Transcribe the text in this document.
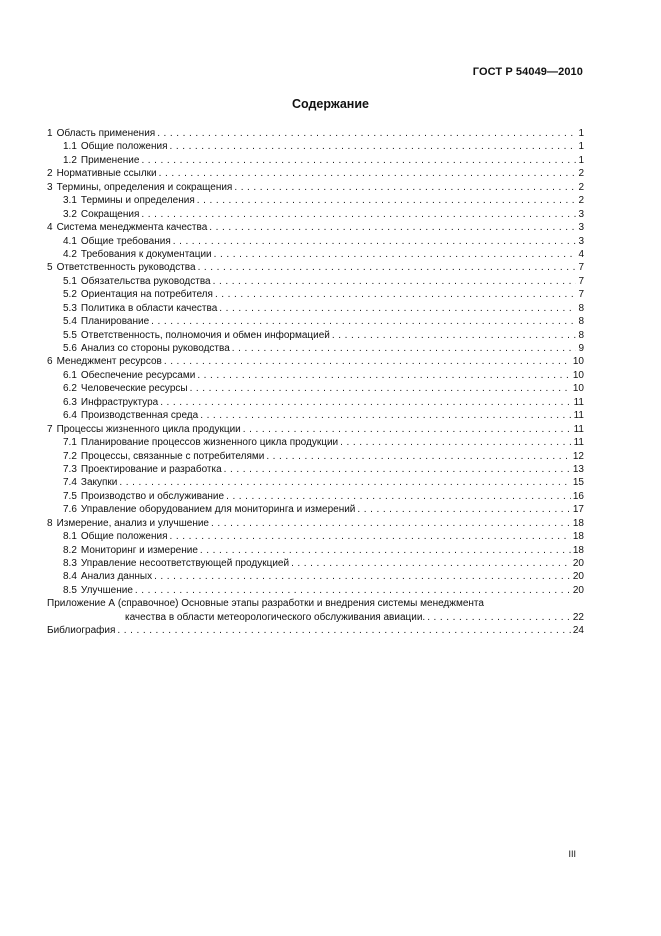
ГОСТ Р 54049—2010
Содержание
1 Область применения . . .	1
1.1 Общие положения . . .	1
1.2 Применение . . .	1
2 Нормативные ссылки . . .	2
3 Термины, определения и сокращения . . .	2
3.1 Термины и определения . . .	2
3.2 Сокращения . . .	3
4 Система менеджмента качества . . .	3
4.1 Общие требования . . .	3
4.2 Требования к документации . . .	4
5 Ответственность руководства . . .	7
5.1 Обязательства руководства . . .	7
5.2 Ориентация на потребителя . . .	7
5.3 Политика в области качества . . .	8
5.4 Планирование . . .	8
5.5 Ответственность, полномочия и обмен информацией . . .	8
5.6 Анализ со стороны руководства . . .	9
6 Менеджмент ресурсов . . .	10
6.1 Обеспечение ресурсами . . .	10
6.2 Человеческие ресурсы . . .	10
6.3 Инфраструктура . . .	11
6.4 Производственная среда . . .	11
7 Процессы жизненного цикла продукции . . .	11
7.1 Планирование процессов жизненного цикла продукции . . .	11
7.2 Процессы, связанные с потребителями . . .	12
7.3 Проектирование и разработка . . .	13
7.4 Закупки . . .	15
7.5 Производство и обслуживание . . .	16
7.6 Управление оборудованием для мониторинга и измерений . . .	17
8 Измерение, анализ и улучшение . . .	18
8.1 Общие положения . . .	18
8.2 Мониторинг и измерение . . .	18
8.3 Управление несоответствующей продукцией . . .	20
8.4 Анализ данных . . .	20
8.5 Улучшение . . .	20
Приложение А (справочное) Основные этапы разработки и внедрения системы менеджмента
качества в области метеорологического обслуживания авиации. . . .	22
Библиография . . .	24
III
